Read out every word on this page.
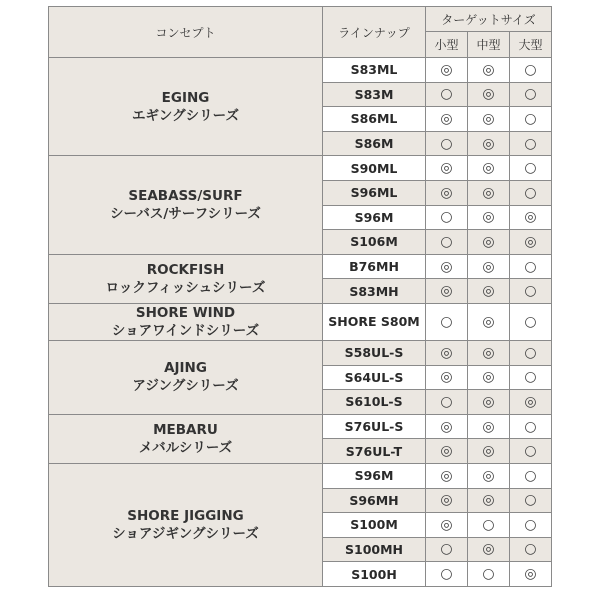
コンセプト	ラインナップ	ターゲットサイズ		
		小型	中型	大型

EGING
エギングシリーズ	S83ML	◎	◎	○
	S83M	○	◎	○
	S86ML	◎	◎	○
	S86M	○	◎	○

SEABASS/SURF
シーバス/サーフシリーズ	S90ML	◎	◎	○
	S96ML	◎	◎	○
	S96M	○	◎	◎
	S106M	○	◎	◎

ROCKFISH
ロックフィッシュシリーズ	B76MH	◎	◎	○
	S83MH	◎	◎	○

SHORE WIND
ショアワインドシリーズ	SHORE S80M	○	◎	○

AJING
アジングシリーズ	S58UL-S	◎	◎	○
	S64UL-S	◎	◎	○
	S610L-S	○	◎	◎

MEBARU
メバルシリーズ	S76UL-S	◎	◎	○
	S76UL-T	◎	◎	○

SHORE JIGGING
ショアジギングシリーズ	S96M	◎	◎	○
	S96MH	◎	◎	○
	S100M	◎	○	○
	S100MH	○	◎	○
	S100H	○	○	◎
